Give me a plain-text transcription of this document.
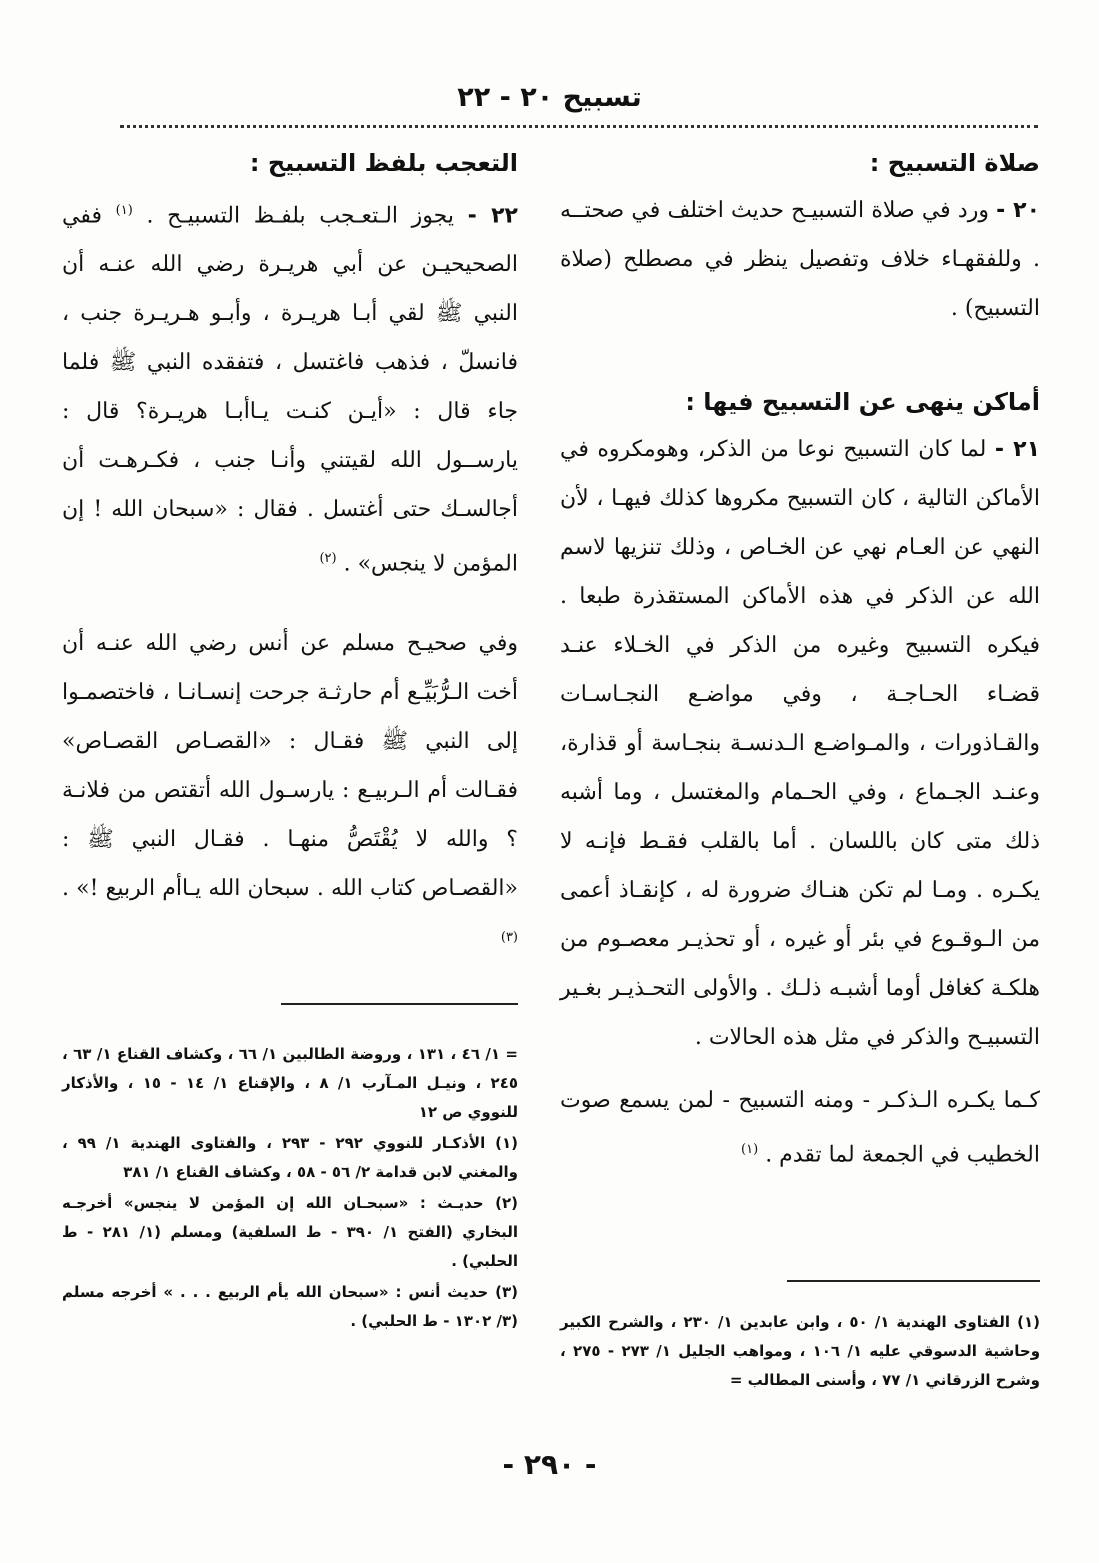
تسبيح ٢٠ - ٢٢
صلاة التسبيح :

٢٠ - ورد في صلاة التسبيـح حديث اختلف في صحتــه . وللفقهـاء خلاف وتفصيل ينظر في مصطلح (صلاة التسبيح) .

أماكن ينهى عن التسبيح فيها :

٢١ - لما كان التسبيح نوعا من الذكر، وهومكروه في الأماكن التالية ، كان التسبيح مكروها كذلك فيهـا ، لأن النهي عن العـام نهي عن الخـاص ، وذلك تنزيها لاسم الله عن الذكر في هذه الأماكن المستقذرة طبعا . فيكره التسبيح وغيره من الذكر في الخـلاء عنـد قضـاء الحـاجـة ، وفي مواضـع النجـاسـات والقـاذورات ، والمـواضـع الـدنسـة بنجـاسة أو قذارة، وعنـد الجـماع ، وفي الحـمام والمغتسل ، وما أشبه ذلك متى كان باللسان . أما بالقلب فقـط فإنـه لا يكـره . ومـا لم تكن هنـاك ضرورة له ، كإنقـاذ أعمى من الـوقـوع في بئر أو غيره ، أو تحذيـر معصـوم من هلكـة كغافل أوما أشبـه ذلـك . والأولى التحـذيـر بغـير التسبيـح والذكر في مثل هذه الحالات .

كـما يكـره الـذكـر - ومنه التسبيح - لمن يسمع صوت الخطيب في الجمعة لما تقدم . $^{(١)}$

التعجب بلفظ التسبيح :

٢٢ - يجوز الـتعـجب بلفـظ التسبيـح . $^{(١)}$ ففي الصحيحيـن عن أبي هريـرة رضي الله عنـه أن النبي ﷺ لقي أبـا هريـرة ، وأبـو هـريـرة جنب ، فانسلّ ، فذهب فاغتسل ، فتفقده النبي ﷺ فلما جاء قال : «أيـن كنـت يـاأبـا هريـرة؟ قال : يارســول الله لقيتني وأنـا جنب ، فكـرهـت أن أجالسـك حتى أغتسل . فقال : «سبحان الله ! إن المؤمن لا ينجس» . $^{(٢)}$

وفي صحيـح مسلم عن أنس رضي الله عنـه أن أخت الـرُّبَيِّـع أم حارثـة جرحت إنسـانـا ، فاختصمـوا إلى النبي ﷺ فقـال : «القصـاص القصـاص» فقـالت أم الـربيـع : يارسـول الله أتقتص من فلانـة ؟ والله لا يُقْتَصُّ منهـا . فقـال النبي ﷺ : «القصـاص كتاب الله . سبحان الله يـاأم الربيع !» . $^{(٣)}$

= ١/ ٤٦ ، ١٣١ ، وروضة الطالبين ١/ ٦٦ ، وكشاف القناع ١/ ٦٣ ، ٢٤٥ ، ونيـل المـآرب ١/ ٨ ، والإقناع ١/ ١٤ - ١٥ ، والأذكار للنووي ص ١٢

(١) الأذكـار للنووي ٢٩٢ - ٢٩٣ ، والفتاوى الهندية ١/ ٩٩ ، والمغني لابن قدامة ٢/ ٥٦ - ٥٨ ، وكشاف القناع ١/ ٣٨١

(٢) حديـث : «سبحـان الله إن المؤمن لا ينجس» أخرجـه البخاري (الفتح ١/ ٣٩٠ - ط السلفية) ومسلم (١/ ٢٨١ - ط الحلبي) .

(٣) حديث أنس : «سبحان الله يأم الربيع . . . » أخرجه مسلم (٣/ ١٣٠٢ - ط الحلبي) .	(١) الفتاوى الهندية ١/ ٥٠ ، وابن عابدين ١/ ٢٣٠ ، والشرح الكبير وحاشية الدسوقي عليه ١/ ١٠٦ ، ومواهب الجليل ١/ ٢٧٣ - ٢٧٥ ، وشرح الزرقاني ١/ ٧٧ ، وأسنى المطالب =

- ٢٩٠ -
